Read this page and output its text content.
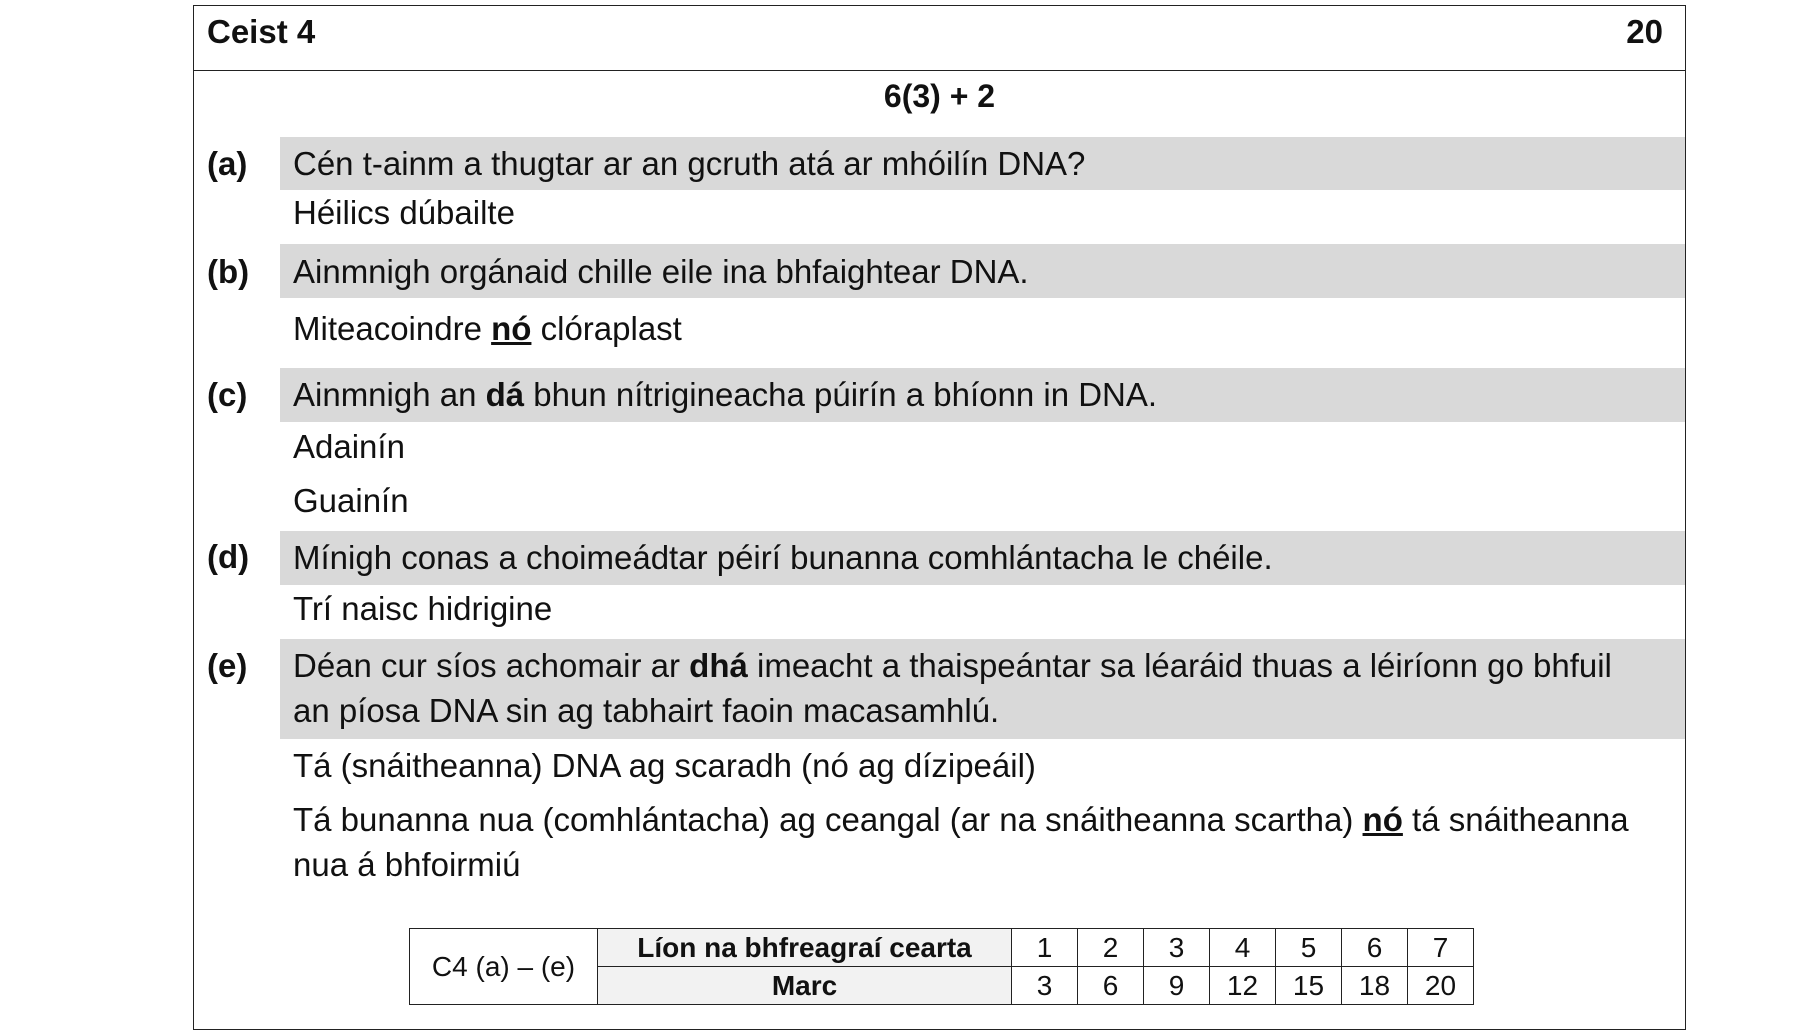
Ceist 4	20
6(3) + 2
(a) Cén t-ainm a thugtar ar an gcruth atá ar mhóilín DNA?
Héilics dúbailte
(b) Ainmnigh orgánaid chille eile ina bhfaightear DNA.
Miteacoindre nó clóraplast
(c) Ainmnigh an dá bhun nítrigineacha púirín a bhíonn in DNA.
Adainín
Guainín
(d) Mínigh conas a choimeádtar péirí bunanna comhlántacha le chéile.
Trí naisc hidrigine
(e) Déan cur síos achomair ar dhá imeacht a thaispeántar sa léaráid thuas a léiríonn go bhfuil
an píosa DNA sin ag tabhairt faoin macasamhlú.
Tá (snáitheanna) DNA ag scaradh (nó ag dízipeáil)
Tá bunanna nua (comhlántacha) ag ceangal (ar na snáitheanna scartha) nó tá snáitheanna
nua á bhfoirmiú
C4 (a) – (e)	Líon na bhfreagraí cearta	1	2	3	4	5	6	7
	Marc	3	6	9	12	15	18	20
